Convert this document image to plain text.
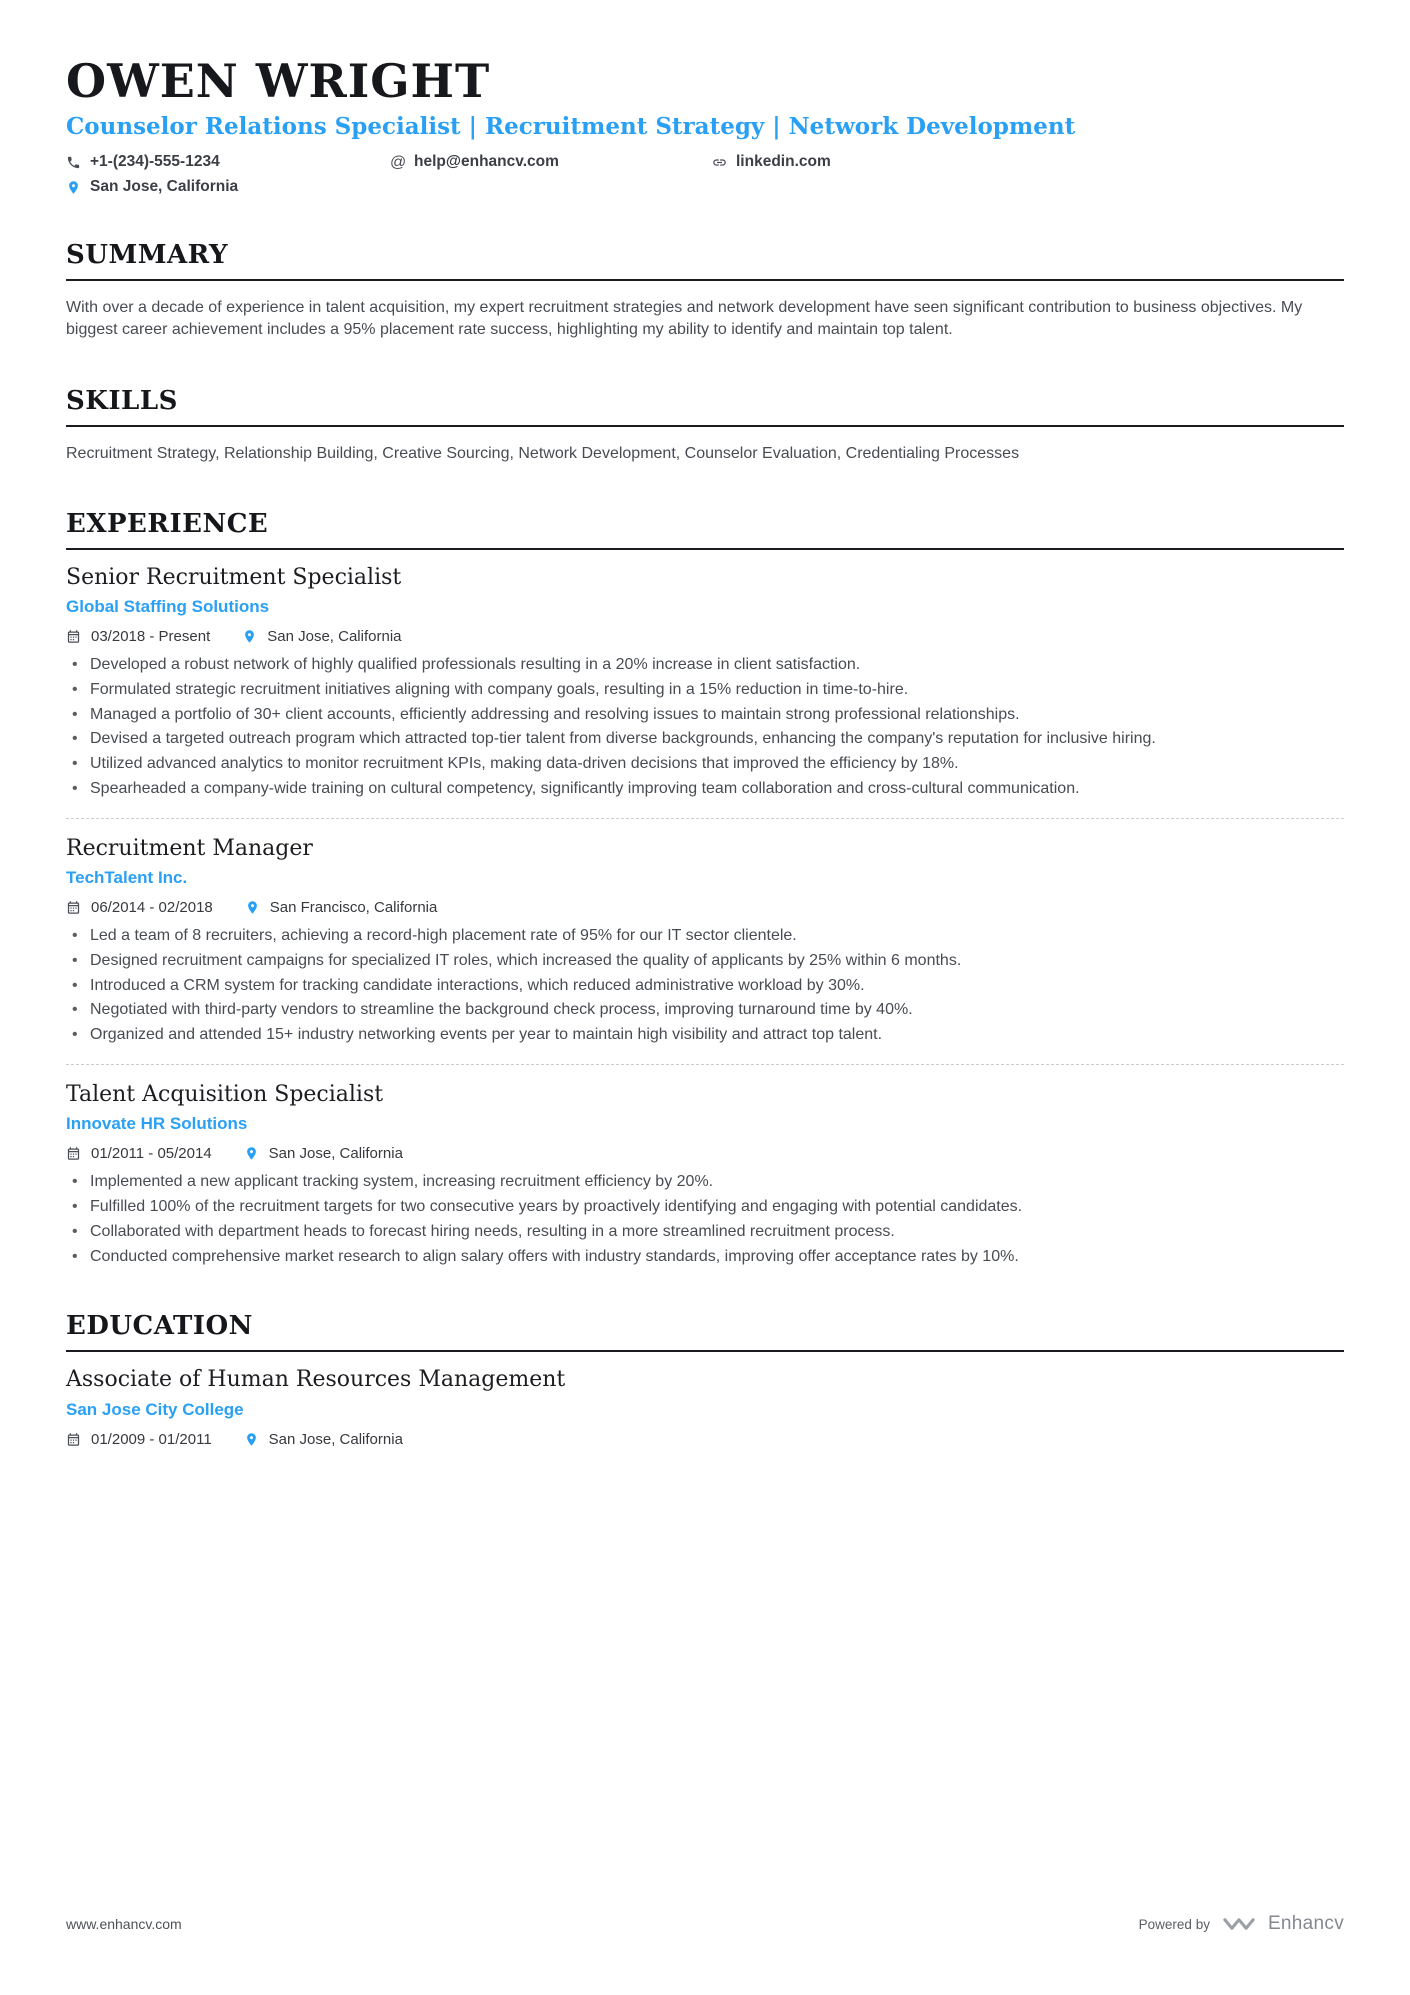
OWEN WRIGHT
Counselor Relations Specialist | Recruitment Strategy | Network Development
+1-(234)-555-1234	@ help@enhancv.com	linkedin.com
San Jose, California
SUMMARY

With over a decade of experience in talent acquisition, my expert recruitment strategies and network development have seen significant contribution to business objectives. My biggest career achievement includes a 95% placement rate success, highlighting my ability to identify and maintain top talent.

SKILLS

Recruitment Strategy, Relationship Building, Creative Sourcing, Network Development, Counselor Evaluation, Credentialing Processes

EXPERIENCE
Senior Recruitment Specialist
Global Staffing Solutions
03/2018 - Present	San Jose, California
• Developed a robust network of highly qualified professionals resulting in a 20% increase in client satisfaction.
• Formulated strategic recruitment initiatives aligning with company goals, resulting in a 15% reduction in time-to-hire.
• Managed a portfolio of 30+ client accounts, efficiently addressing and resolving issues to maintain strong professional relationships.
• Devised a targeted outreach program which attracted top-tier talent from diverse backgrounds, enhancing the company's reputation for inclusive hiring.
• Utilized advanced analytics to monitor recruitment KPIs, making data-driven decisions that improved the efficiency by 18%.
• Spearheaded a company-wide training on cultural competency, significantly improving team collaboration and cross-cultural communication.
Recruitment Manager
TechTalent Inc.
06/2014 - 02/2018	San Francisco, California
• Led a team of 8 recruiters, achieving a record-high placement rate of 95% for our IT sector clientele.
• Designed recruitment campaigns for specialized IT roles, which increased the quality of applicants by 25% within 6 months.
• Introduced a CRM system for tracking candidate interactions, which reduced administrative workload by 30%.
• Negotiated with third-party vendors to streamline the background check process, improving turnaround time by 40%.
• Organized and attended 15+ industry networking events per year to maintain high visibility and attract top talent.
Talent Acquisition Specialist
Innovate HR Solutions
01/2011 - 05/2014	San Jose, California
• Implemented a new applicant tracking system, increasing recruitment efficiency by 20%.
• Fulfilled 100% of the recruitment targets for two consecutive years by proactively identifying and engaging with potential candidates.
• Collaborated with department heads to forecast hiring needs, resulting in a more streamlined recruitment process.
• Conducted comprehensive market research to align salary offers with industry standards, improving offer acceptance rates by 10%.
EDUCATION
Associate of Human Resources Management
San Jose City College
01/2009 - 01/2011	San Jose, California
www.enhancv.com	Powered by	Enhancv
